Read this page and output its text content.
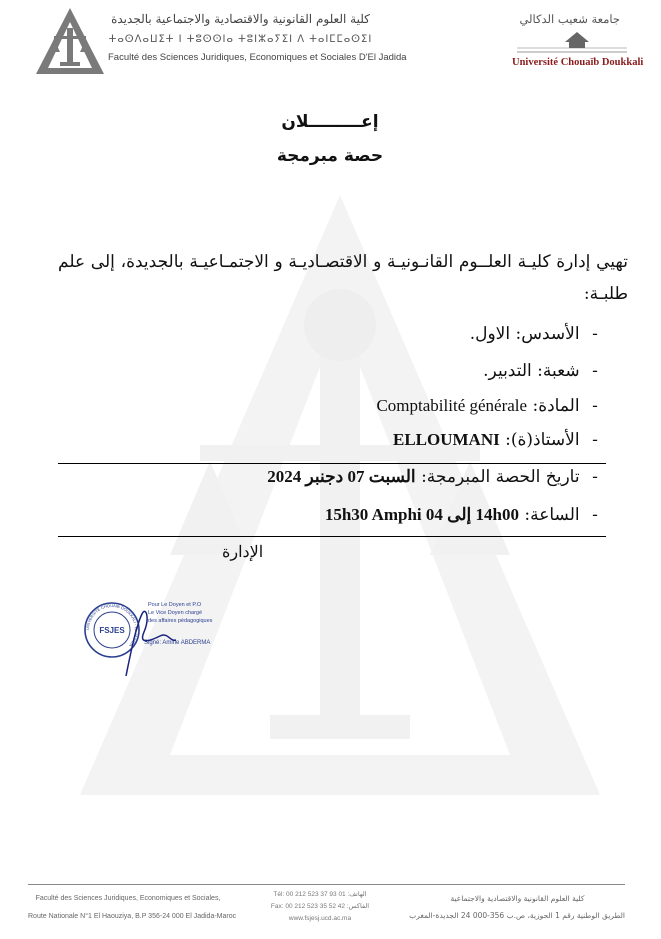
كلية العلوم القانونية والاقتصادية والاجتماعية بالجديدة
ⵜⴰⵙⴷⴰⵡⵉⵜ ⵏ ⵜⵓⵙⵙⵏⴰ ⵜⵓⵏⵣⴰⵢⵉⵏ ⴷ ⵜⴰⵏⵎⵎⴰⵙⵉⵏ
Faculté des Sciences Juridiques, Economiques et Sociales D'El Jadida
جامعة شعيب الدكالي
Université Chouaïb Doukkali
إعـــــــــلان
حصة مبرمجة
تهيي إدارة كليـة العلــوم القانـونيـة و الاقتصـاديـة و الاجتمـاعيـة بالجديدة، إلى علم طلبـة:
- الأسدس: الاول.
- شعبة: التدبير.
- المادة: Comptabilité générale
- الأستاذ(ة): ELLOUMANI
- تاريخ الحصة المبرمجة: السبت 07 دجنبر 2024
- الساعة: 14h00 إلى 15h30 Amphi 04
الإدارة
UNIVERSITÉ CHOUAIB DOUKKALI - EL JADIDA
FSJES
Pour Le Doyen et P.O
Le Vice Doyen chargé
des affaires pédagogiques
Signé: Amine ABDERMA
Faculté des Sciences Juridiques, Economiques et Sociales,
Route Nationale N°1 El Haouziya, B.P 356-24 000 El Jadida-Maroc
Tél: 00 212 523 37 93 01 :الهاتف
Fax: 00 212 523 35 52 42 :الفاكس
www.fsjesj.ucd.ac.ma
كلية العلوم القانونية والاقتصادية والاجتماعية
الطريق الوطنية رقم 1 الحوزية، ص.ب 356-000 24 الجديدة-المغرب
